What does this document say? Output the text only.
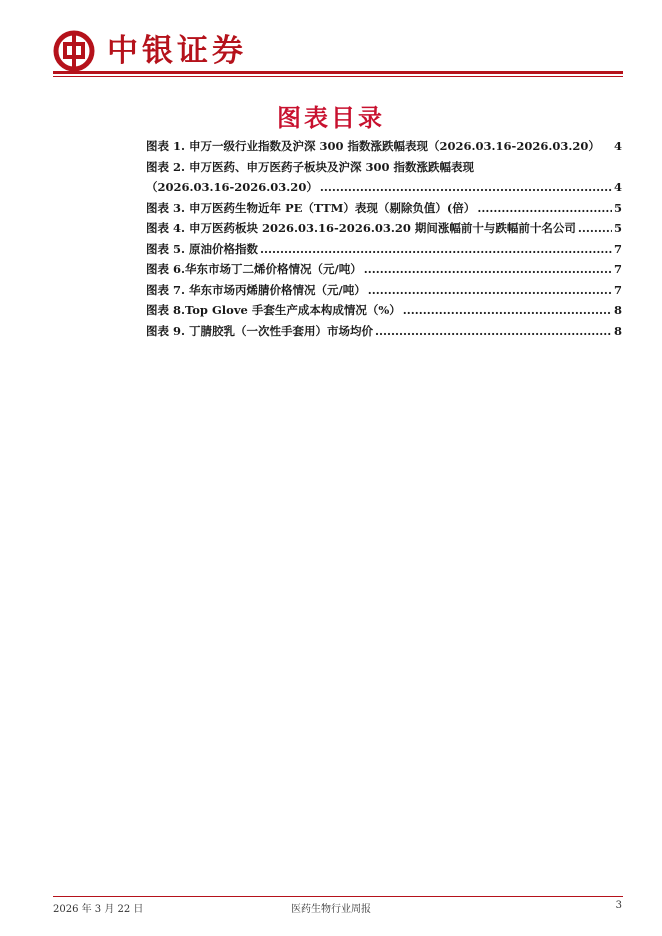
中银证券
图表目录
图表 1. 申万一级行业指数及沪深 300 指数涨跌幅表现（2026.03.16-2026.03.20） 4
图表 2. 申万医药、申万医药子板块及沪深 300 指数涨跌幅表现
（2026.03.16-2026.03.20） .....	4
图表 3. 申万医药生物近年 PE（TTM）表现（剔除负值）(倍） .....	5
图表 4. 申万医药板块 2026.03.16-2026.03.20 期间涨幅前十与跌幅前十名公司 .....	5
图表 5. 原油价格指数 .....	7
图表 6.华东市场丁二烯价格情况（元/吨） .....	7
图表 7. 华东市场丙烯腈价格情况（元/吨） .....	7
图表 8.Top Glove 手套生产成本构成情况（%） .....	8
图表 9. 丁腈胶乳（一次性手套用）市场均价 .....	8
2026 年 3 月 22 日	医药生物行业周报	3
